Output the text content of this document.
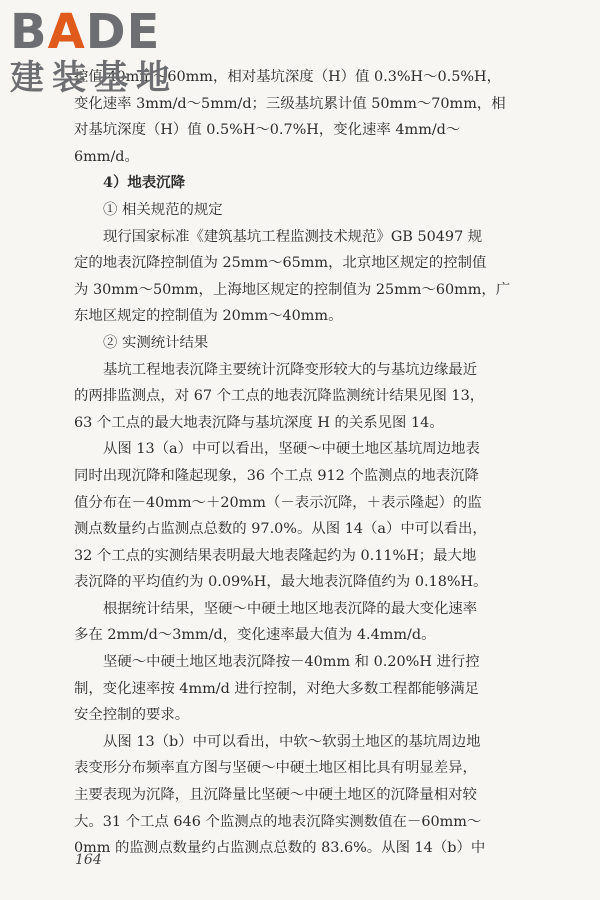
BADE
建装基地

控值 40mm～60mm，相对基坑深度（H）值 0.3%H～0.5%H，

变化速率 3mm/d～5mm/d；三级基坑累计值 50mm～70mm，相

对基坑深度（H）值 0.5%H～0.7%H，变化速率 4mm/d～

6mm/d。

4）地表沉降

① 相关规范的规定

现行国家标准《建筑基坑工程监测技术规范》GB 50497 规

定的地表沉降控制值为 25mm～65mm，北京地区规定的控制值

为 30mm～50mm，上海地区规定的控制值为 25mm～60mm，广

东地区规定的控制值为 20mm～40mm。

② 实测统计结果

基坑工程地表沉降主要统计沉降变形较大的与基坑边缘最近

的两排监测点，对 67 个工点的地表沉降监测统计结果见图 13，

63 个工点的最大地表沉降与基坑深度 H 的关系见图 14。

从图 13（a）中可以看出，坚硬～中硬土地区基坑周边地表

同时出现沉降和隆起现象，36 个工点 912 个监测点的地表沉降

值分布在－40mm～＋20mm（－表示沉降，＋表示隆起）的监

测点数量约占监测点总数的 97.0%。从图 14（a）中可以看出，

32 个工点的实测结果表明最大地表隆起约为 0.11%H；最大地

表沉降的平均值约为 0.09%H，最大地表沉降值约为 0.18%H。

根据统计结果，坚硬～中硬土地区地表沉降的最大变化速率

多在 2mm/d～3mm/d，变化速率最大值为 4.4mm/d。

坚硬～中硬土地区地表沉降按－40mm 和 0.20%H 进行控

制，变化速率按 4mm/d 进行控制，对绝大多数工程都能够满足

安全控制的要求。

从图 13（b）中可以看出，中软～软弱土地区的基坑周边地

表变形分布频率直方图与坚硬～中硬土地区相比具有明显差异，

主要表现为沉降，且沉降量比坚硬～中硬土地区的沉降量相对较

大。31 个工点 646 个监测点的地表沉降实测数值在－60mm～

0mm 的监测点数量约占监测点总数的 83.6%。从图 14（b）中

164
